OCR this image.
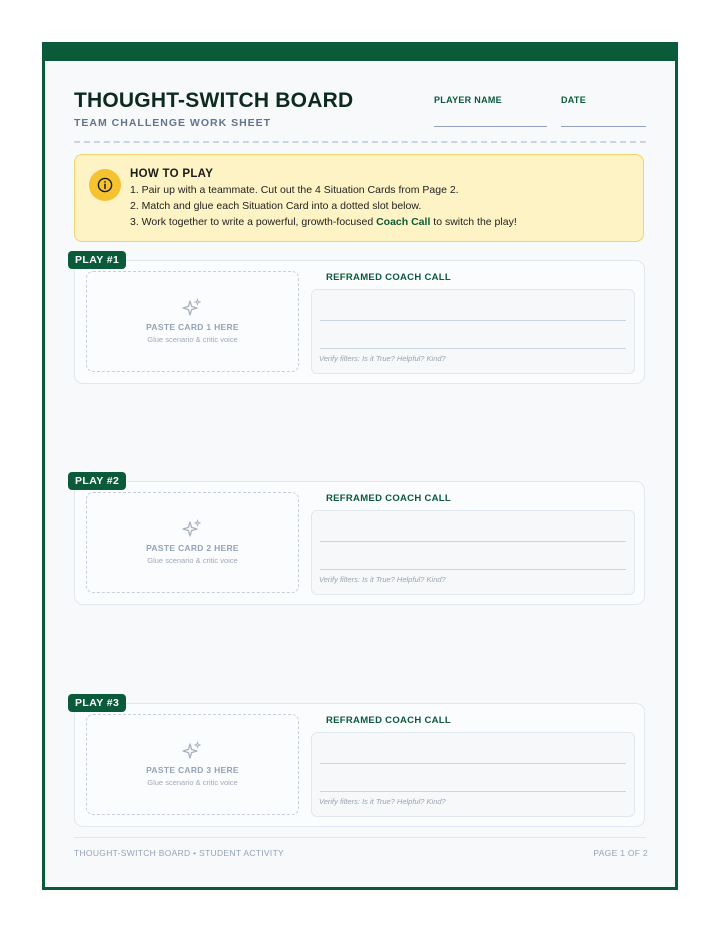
THOUGHT-SWITCH BOARD
TEAM CHALLENGE WORK SHEET
PLAYER NAME	DATE
HOW TO PLAY
1. Pair up with a teammate. Cut out the 4 Situation Cards from Page 2.
2. Match and glue each Situation Card into a dotted slot below.
3. Work together to write a powerful, growth-focused Coach Call to switch the play!
PLAY #1
PASTE CARD 1 HERE
Glue scenario & critic voice
REFRAMED COACH CALL
Verify filters: Is it True? Helpful? Kind?
PLAY #2
PASTE CARD 2 HERE
Glue scenario & critic voice
REFRAMED COACH CALL
Verify filters: Is it True? Helpful? Kind?
PLAY #3
PASTE CARD 3 HERE
Glue scenario & critic voice
REFRAMED COACH CALL
Verify filters: Is it True? Helpful? Kind?
THOUGHT-SWITCH BOARD • STUDENT ACTIVITY	PAGE 1 OF 2
